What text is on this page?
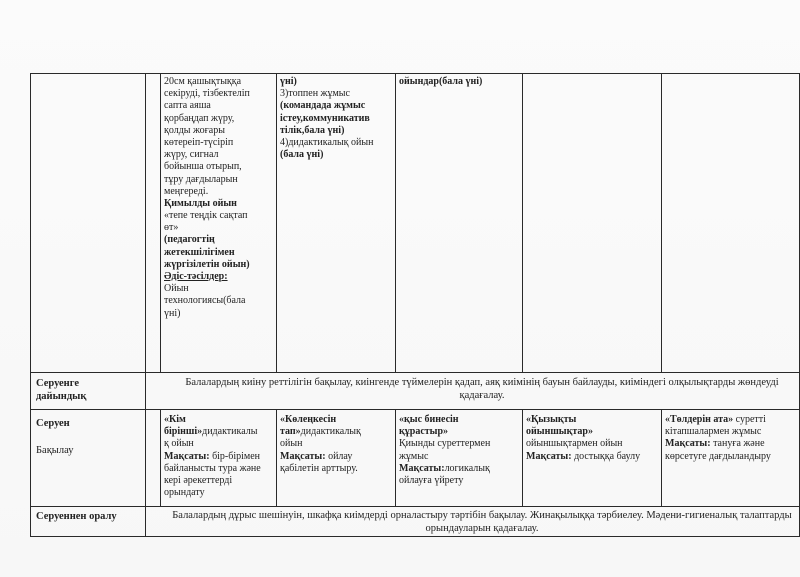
20см қашықтыққа

секіруді, тізбектеліп

сапта аяша

қорбаңдап жүру,

қолды жоғары

көтереіп-түсіріп

жүру, сигнал

бойынша отырып,

тұру дағдыларын

меңгереді.

Қимылды ойын

«тепе теңдік сақтап

өт»

(педагогтің

жетекшілігімен

жүргізілетін ойын)

Әдіс-тәсілдер:

Ойын

технологиясы(бала

үні)

үні)

3)топпен жұмыс

(командада жұмыс

істеу,коммуникатив

тілік,бала үні)

4)дидактикалық ойын

(бала үні)

ойындар(бала үні)

Серуенге

дайындық

Балалардың киіну реттілігін бақылау, киінгенде түймелерін қадап, аяқ киімінің бауын байлауды, киіміндегі олқылықтарды жөндеуді қадағалау.

Серуен

Бақылау

«Кім

бірінші»дидактикалы

қ ойын

Мақсаты: бір-бірімен

байланысты тура және

кері әрекеттерді

орындату

«Көлеңкесін

тап»дидактикалық

ойын

Мақсаты: ойлау

қабілетін арттыру.

«қыс бинесін

құрастыр»

Қиынды суреттермен

жұмыс

Мақсаты:логикалық

ойлауға үйрету

«Қызықты

ойыншықтар»

ойыншықтармен ойын

Мақсаты: достыққа баулу

«Төлдерін ата» суретті

кітапшалармен жұмыс

Мақсаты: тануға және

көрсетуге дағдыландыру

Серуеннен оралу	Балалардың дұрыс шешінуін, шкафқа киімдерді орналастыру тәртібін бақылау. Жинақылыққа тәрбиелеу. Мәдени-гигиеналық талаптарды орындауларын қадағалау.
